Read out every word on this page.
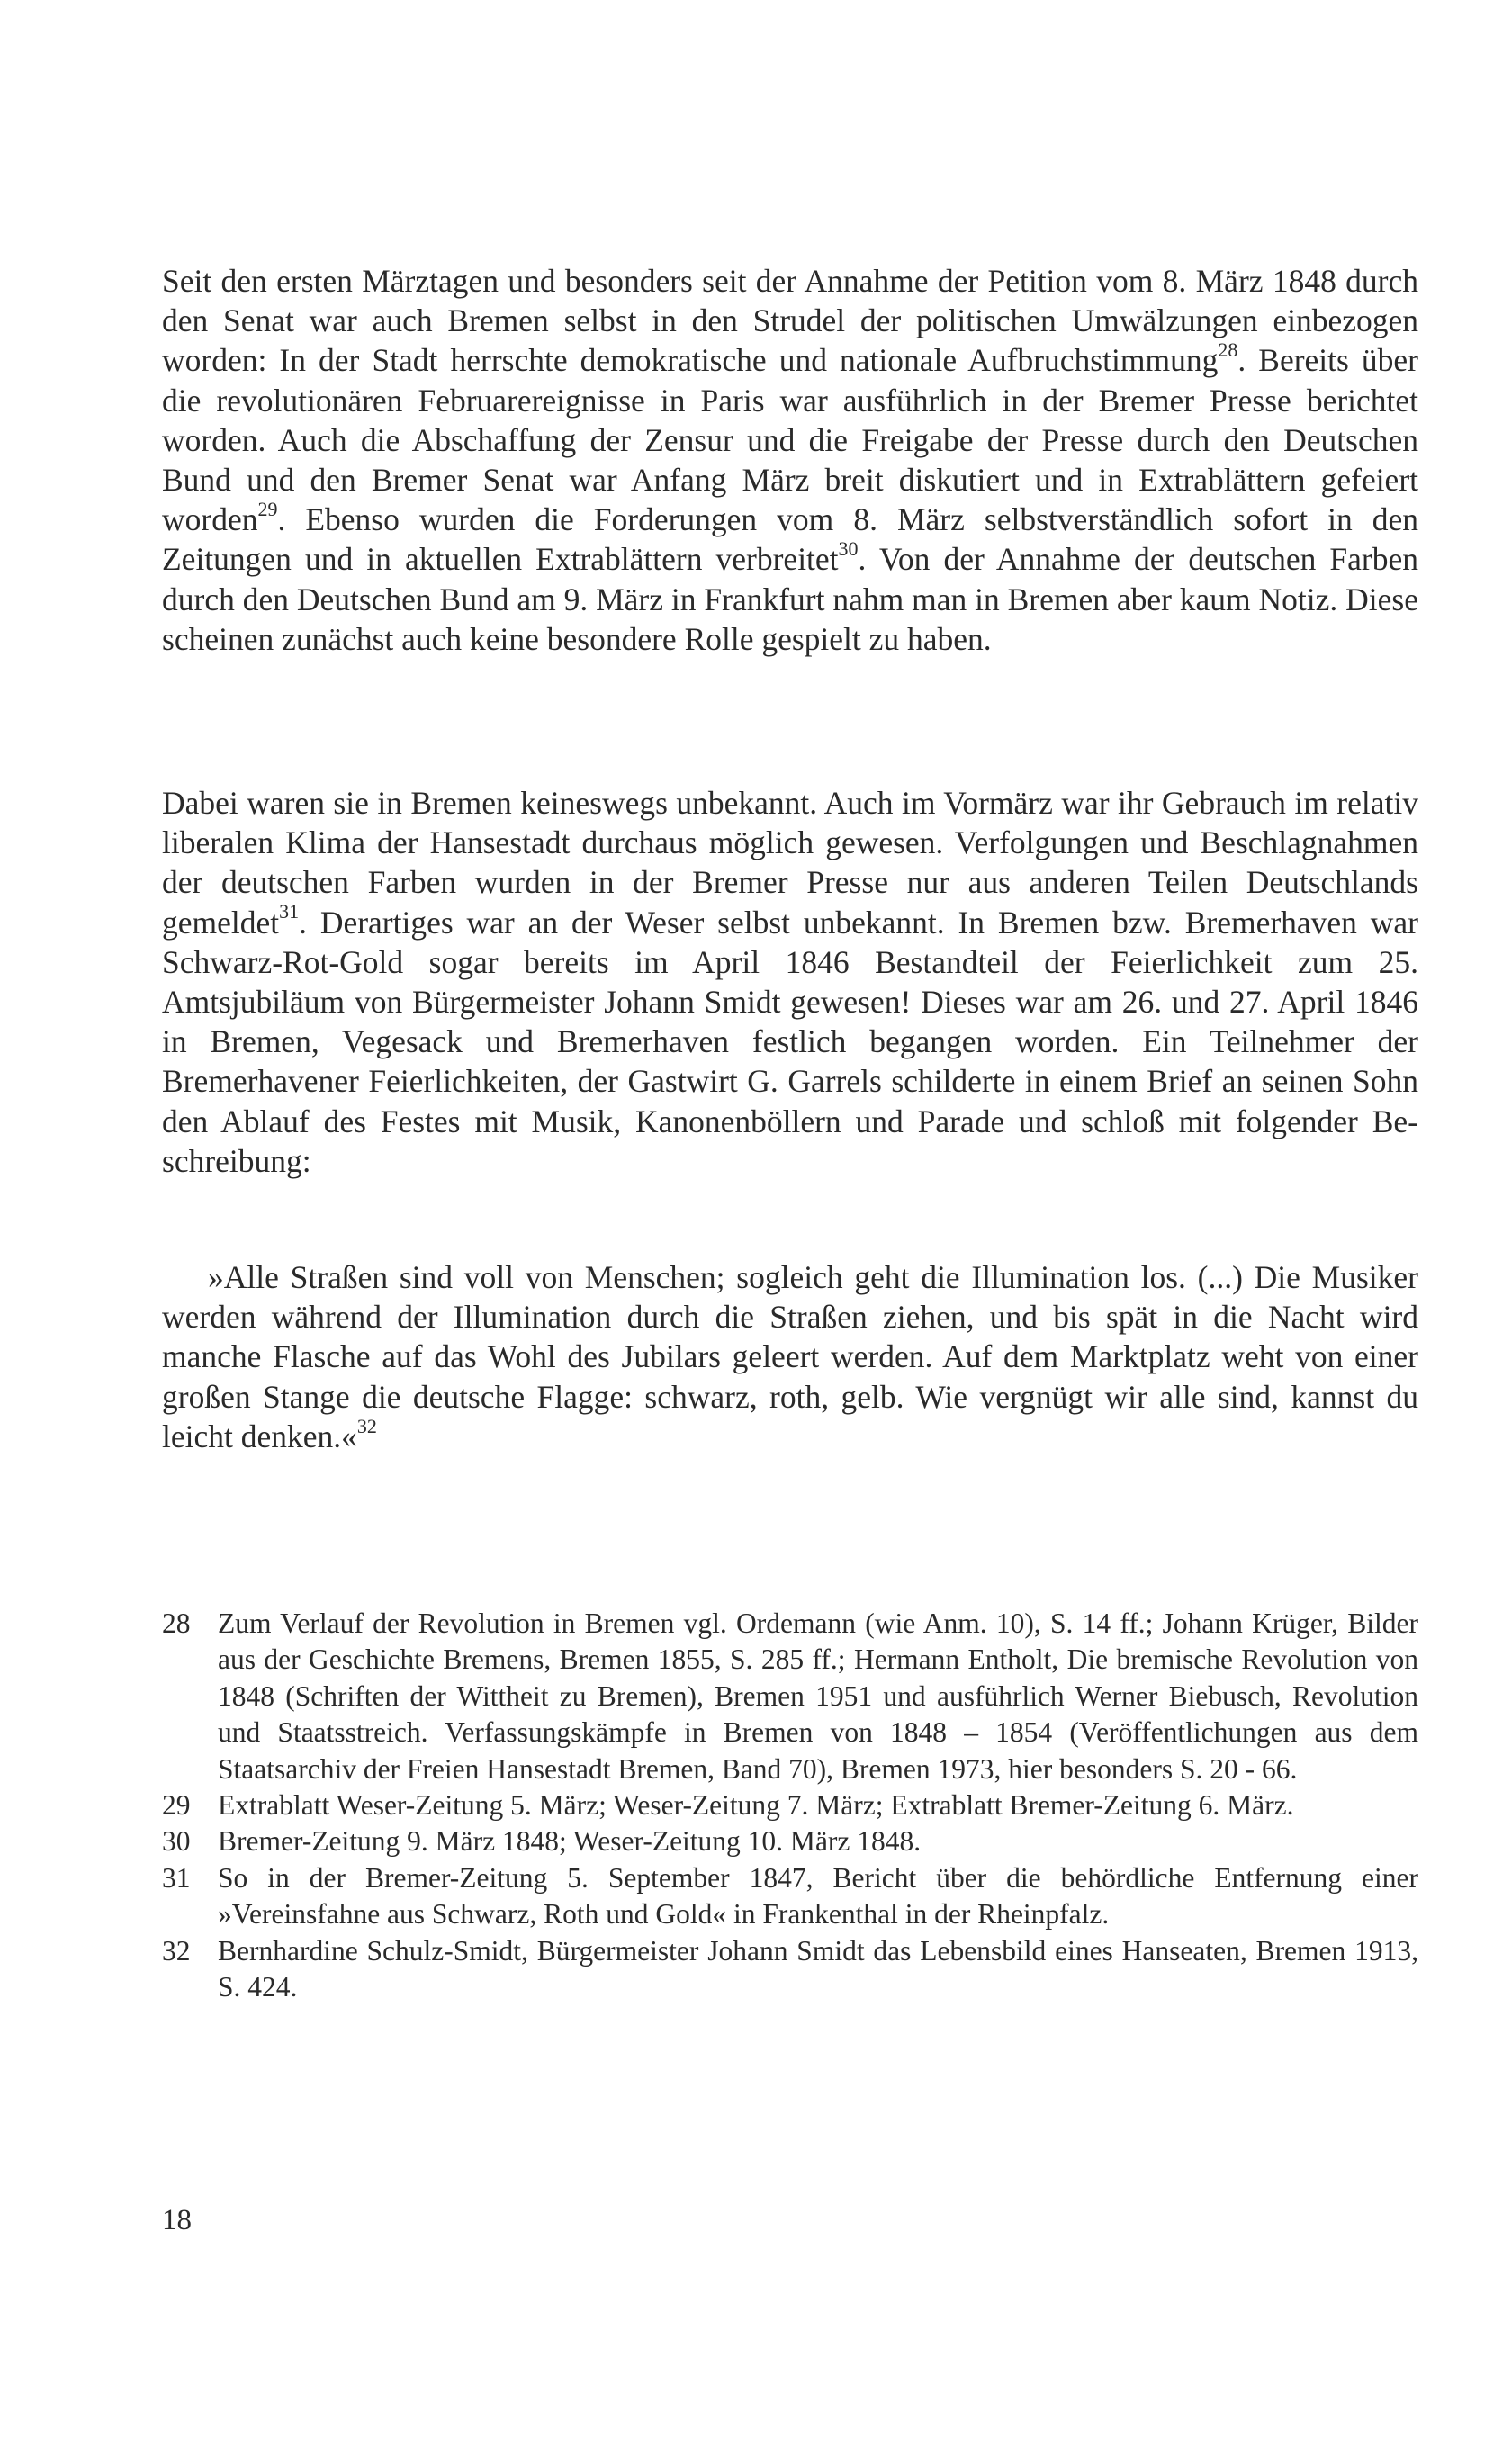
Seit den ersten Märztagen und besonders seit der Annahme der Petition vom 8. März 1848 durch den Senat war auch Bremen selbst in den Strudel der politischen Umwälzungen einbezogen worden: In der Stadt herrschte demokratische und nationale Aufbruchstimmung$^{28}$. Bereits über die revolutionären Februarereignisse in Paris war ausführlich in der Bremer Presse berichtet worden. Auch die Abschaffung der Zensur und die Freigabe der Presse durch den Deutschen Bund und den Bremer Senat war Anfang März breit diskutiert und in Extrablättern gefeiert worden$^{29}$. Ebenso wurden die Forderungen vom 8. März selbstverständlich sofort in den Zeitungen und in aktuellen Extrablättern verbreitet$^{30}$. Von der Annahme der deutschen Farben durch den Deutschen Bund am 9. März in Frankfurt nahm man in Bremen aber kaum Notiz. Diese scheinen zunächst auch keine besondere Rolle gespielt zu haben.

Dabei waren sie in Bremen keineswegs unbekannt. Auch im Vormärz war ihr Gebrauch im relativ liberalen Klima der Hansestadt durchaus möglich gewesen. Verfolgungen und Beschlagnahmen der deutschen Farben wurden in der Bremer Presse nur aus anderen Teilen Deutschlands gemeldet$^{31}$. Derartiges war an der Weser selbst unbekannt. In Bremen bzw. Bremerhaven war Schwarz-Rot-Gold sogar bereits im April 1846 Bestandteil der Feierlichkeit zum 25. Amtsjubiläum von Bürgermeister Johann Smidt gewesen! Dieses war am 26. und 27. April 1846 in Bremen, Vegesack und Bremerhaven festlich begangen worden. Ein Teilnehmer der Bremerhavener Feierlichkeiten, der Gastwirt G. Garrels schilderte in einem Brief an seinen Sohn den Ablauf des Festes mit Musik, Kanonenböllern und Parade und schloß mit folgender Beschreibung:

»Alle Straßen sind voll von Menschen; sogleich geht die Illumination los. (...) Die Musiker werden während der Illumination durch die Straßen ziehen, und bis spät in die Nacht wird manche Flasche auf das Wohl des Jubilars geleert werden. Auf dem Marktplatz weht von einer großen Stange die deutsche Flagge: schwarz, roth, gelb. Wie vergnügt wir alle sind, kannst du leicht denken.«$^{32}$

28 Zum Verlauf der Revolution in Bremen vgl. Ordemann (wie Anm. 10), S. 14 ff.; Johann Krüger, Bilder aus der Geschichte Bremens, Bremen 1855, S. 285 ff.; Hermann Entholt, Die bremische Revolution von 1848 (Schriften der Wittheit zu Bremen), Bremen 1951 und ausführlich Werner Biebusch, Revolution und Staatsstreich. Verfassungskämpfe in Bremen von 1848 – 1854 (Veröffentlichungen aus dem Staatsarchiv der Freien Hansestadt Bremen, Band 70), Bremen 1973, hier besonders S. 20 - 66.
29 Extrablatt Weser-Zeitung 5. März; Weser-Zeitung 7. März; Extrablatt Bremer-Zeitung 6. März.
30 Bremer-Zeitung 9. März 1848; Weser-Zeitung 10. März 1848.
31 So in der Bremer-Zeitung 5. September 1847, Bericht über die behördliche Entfernung einer »Vereinsfahne aus Schwarz, Roth und Gold« in Frankenthal in der Rheinpfalz.
32 Bernhardine Schulz-Smidt, Bürgermeister Johann Smidt das Lebensbild eines Hanseaten, Bremen 1913, S. 424.
18
